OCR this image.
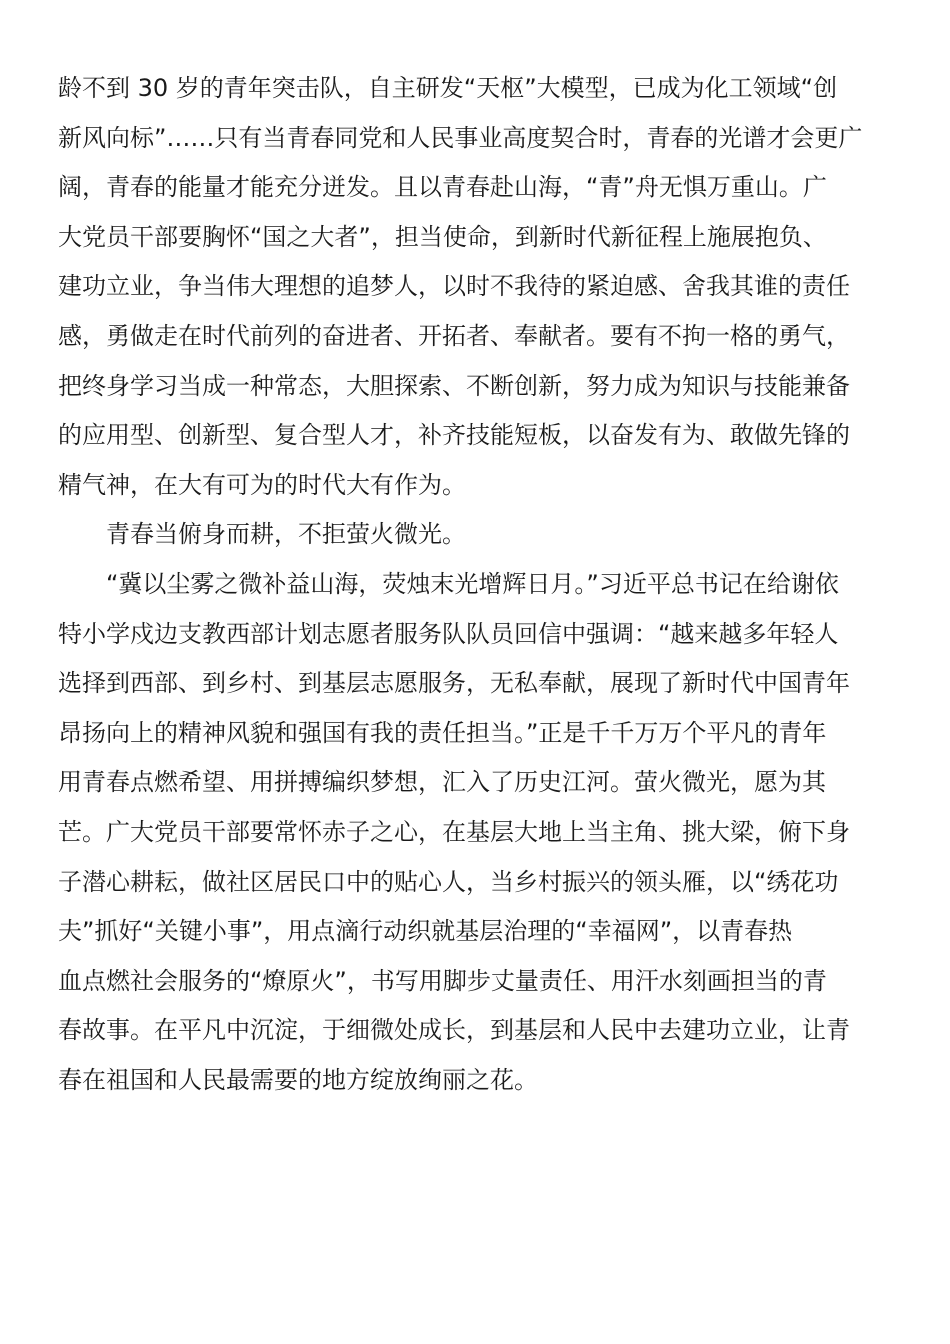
龄不到 30 岁的青年突击队，自主研发“天枢”大模型，已成为化工领域“创
新风向标”……只有当青春同党和人民事业高度契合时，青春的光谱才会更广
阔，青春的能量才能充分迸发。且以青春赴山海，“青”舟无惧万重山。广
大党员干部要胸怀“国之大者”，担当使命，到新时代新征程上施展抱负、
建功立业，争当伟大理想的追梦人，以时不我待的紧迫感、舍我其谁的责任
感，勇做走在时代前列的奋进者、开拓者、奉献者。要有不拘一格的勇气，
把终身学习当成一种常态，大胆探索、不断创新，努力成为知识与技能兼备
的应用型、创新型、复合型人才，补齐技能短板，以奋发有为、敢做先锋的
精气神，在大有可为的时代大有作为。
青春当俯身而耕，不拒萤火微光。
“冀以尘雾之微补益山海，荧烛末光增辉日月。”习近平总书记在给谢依
特小学戍边支教西部计划志愿者服务队队员回信中强调：“越来越多年轻人
选择到西部、到乡村、到基层志愿服务，无私奉献，展现了新时代中国青年
昂扬向上的精神风貌和强国有我的责任担当。”正是千千万万个平凡的青年
用青春点燃希望、用拼搏编织梦想，汇入了历史江河。萤火微光，愿为其
芒。广大党员干部要常怀赤子之心，在基层大地上当主角、挑大梁，俯下身
子潜心耕耘，做社区居民口中的贴心人，当乡村振兴的领头雁，以“绣花功
夫”抓好“关键小事”，用点滴行动织就基层治理的“幸福网”，以青春热
血点燃社会服务的“燎原火”，书写用脚步丈量责任、用汗水刻画担当的青
春故事。在平凡中沉淀，于细微处成长，到基层和人民中去建功立业，让青
春在祖国和人民最需要的地方绽放绚丽之花。
